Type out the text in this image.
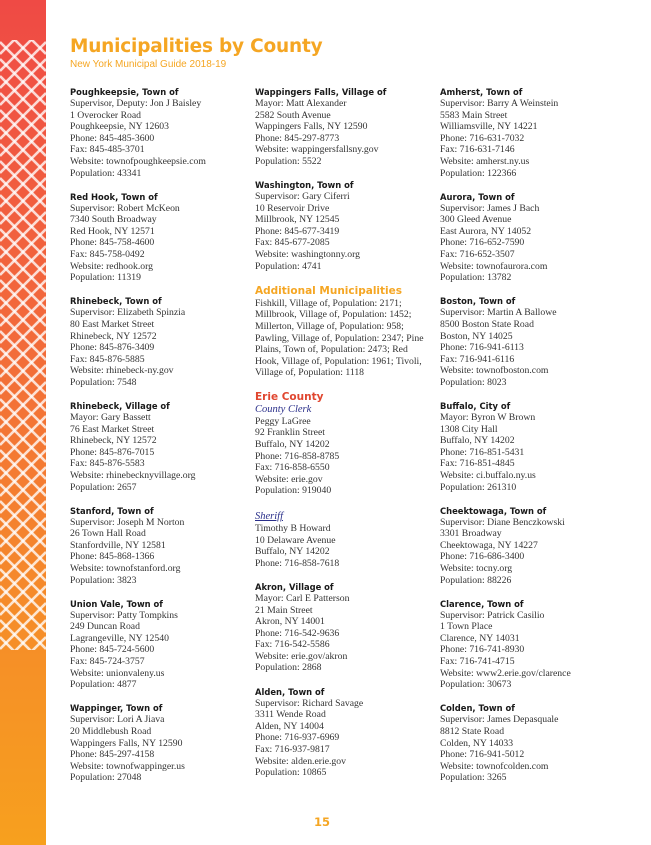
Municipalities by County
New York Municipal Guide 2018-19
Poughkeepsie, Town of
Supervisor, Deputy: Jon J Baisley
1 Overocker Road
Poughkeepsie, NY 12603
Phone: 845-485-3600
Fax: 845-485-3701
Website: townofpoughkeepsie.com
Population: 43341
Red Hook, Town of
Supervisor: Robert McKeon
7340 South Broadway
Red Hook, NY 12571
Phone: 845-758-4600
Fax: 845-758-0492
Website: redhook.org
Population: 11319
Rhinebeck, Town of
Supervisor: Elizabeth Spinzia
80 East Market Street
Rhinebeck, NY 12572
Phone: 845-876-3409
Fax: 845-876-5885
Website: rhinebeck-ny.gov
Population: 7548
Rhinebeck, Village of
Mayor: Gary Bassett
76 East Market Street
Rhinebeck, NY 12572
Phone: 845-876-7015
Fax: 845-876-5583
Website: rhinebecknyvillage.org
Population: 2657
Stanford, Town of
Supervisor: Joseph M Norton
26 Town Hall Road
Stanfordville, NY 12581
Phone: 845-868-1366
Website: townofstanford.org
Population: 3823
Union Vale, Town of
Supervisor: Patty Tompkins
249 Duncan Road
Lagrangeville, NY 12540
Phone: 845-724-5600
Fax: 845-724-3757
Website: unionvaleny.us
Population: 4877
Wappinger, Town of
Supervisor: Lori A Jiava
20 Middlebush Road
Wappingers Falls, NY 12590
Phone: 845-297-4158
Website: townofwappinger.us
Population: 27048
Wappingers Falls, Village of
Mayor: Matt Alexander
2582 South Avenue
Wappingers Falls, NY 12590
Phone: 845-297-8773
Website: wappingersfallsny.gov
Population: 5522
Washington, Town of
Supervisor: Gary Ciferri
10 Reservoir Drive
Millbrook, NY 12545
Phone: 845-677-3419
Fax: 845-677-2085
Website: washingtonny.org
Population: 4741
Additional Municipalities
Fishkill, Village of, Population: 2171;
Millbrook, Village of, Population: 1452;
Millerton, Village of, Population: 958;
Pawling, Village of, Population: 2347; Pine
Plains, Town of, Population: 2473; Red
Hook, Village of, Population: 1961; Tivoli,
Village of, Population: 1118
Erie County
County Clerk
Peggy LaGree
92 Franklin Street
Buffalo, NY 14202
Phone: 716-858-8785
Fax: 716-858-6550
Website: erie.gov
Population: 919040
Sheriff
Timothy B Howard
10 Delaware Avenue
Buffalo, NY 14202
Phone: 716-858-7618
Akron, Village of
Mayor: Carl E Patterson
21 Main Street
Akron, NY 14001
Phone: 716-542-9636
Fax: 716-542-5586
Website: erie.gov/akron
Population: 2868
Alden, Town of
Supervisor: Richard Savage
3311 Wende Road
Alden, NY 14004
Phone: 716-937-6969
Fax: 716-937-9817
Website: alden.erie.gov
Population: 10865
Amherst, Town of
Supervisor: Barry A Weinstein
5583 Main Street
Williamsville, NY 14221
Phone: 716-631-7032
Fax: 716-631-7146
Website: amherst.ny.us
Population: 122366
Aurora, Town of
Supervisor: James J Bach
300 Gleed Avenue
East Aurora, NY 14052
Phone: 716-652-7590
Fax: 716-652-3507
Website: townofaurora.com
Population: 13782
Boston, Town of
Supervisor: Martin A Ballowe
8500 Boston State Road
Boston, NY 14025
Phone: 716-941-6113
Fax: 716-941-6116
Website: townofboston.com
Population: 8023
Buffalo, City of
Mayor: Byron W Brown
1308 City Hall
Buffalo, NY 14202
Phone: 716-851-5431
Fax: 716-851-4845
Website: ci.buffalo.ny.us
Population: 261310
Cheektowaga, Town of
Supervisor: Diane Benczkowski
3301 Broadway
Cheektowaga, NY 14227
Phone: 716-686-3400
Website: tocny.org
Population: 88226
Clarence, Town of
Supervisor: Patrick Casilio
1 Town Place
Clarence, NY 14031
Phone: 716-741-8930
Fax: 716-741-4715
Website: www2.erie.gov/clarence
Population: 30673
Colden, Town of
Supervisor: James Depasquale
8812 State Road
Colden, NY 14033
Phone: 716-941-5012
Website: townofcolden.com
Population: 3265
15
